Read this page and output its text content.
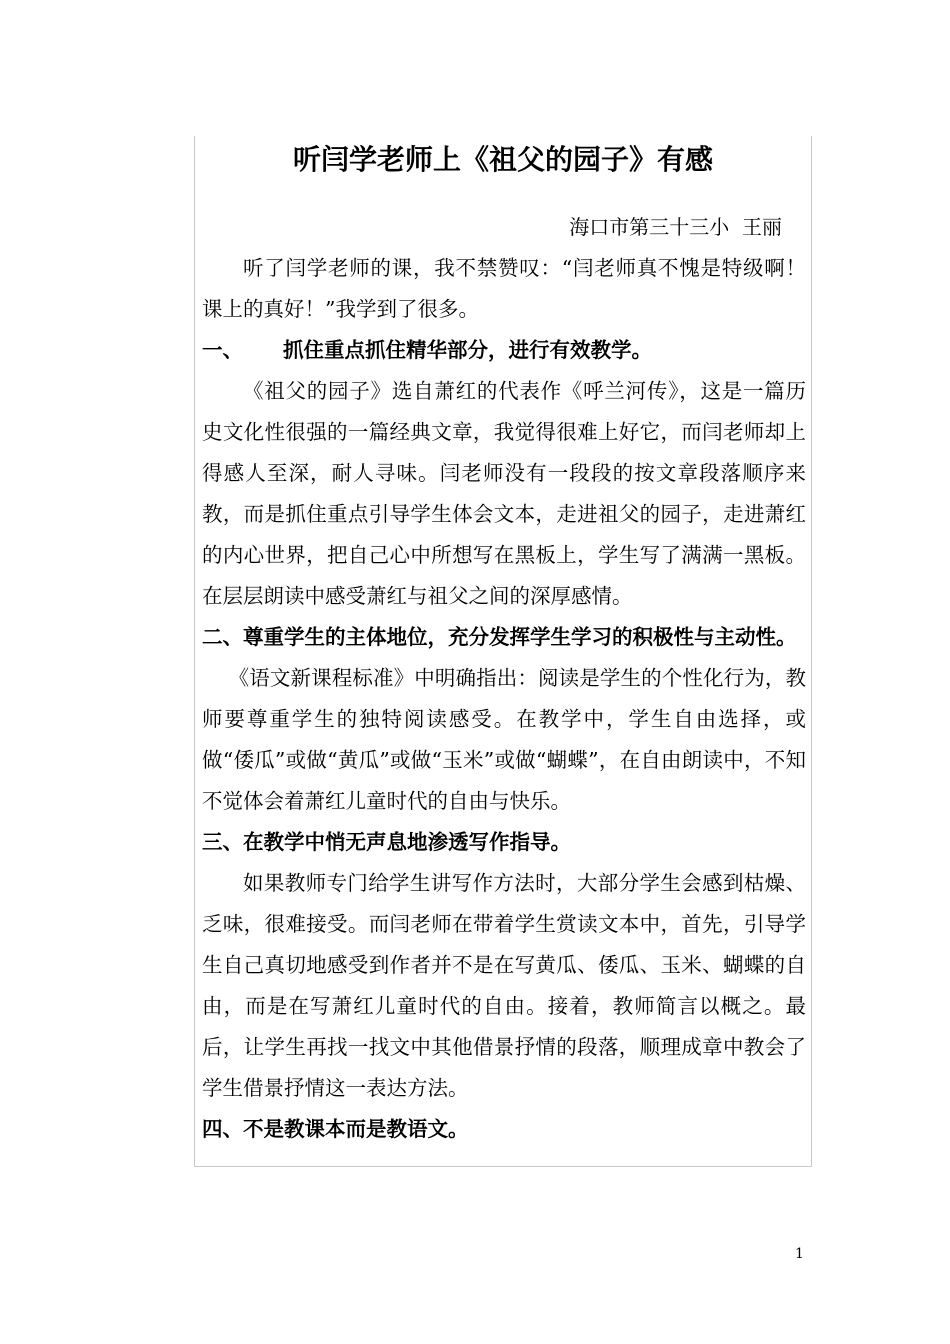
听闫学老师上《祖父的园子》有感
海口市第三十三小  王丽

听了闫学老师的课，我不禁赞叹：“闫老师真不愧是特级啊！课上的真好！”我学到了很多。

一、 抓住重点抓住精华部分，进行有效教学。

《祖父的园子》选自萧红的代表作《呼兰河传》，这是一篇历史文化性很强的一篇经典文章，我觉得很难上好它，而闫老师却上得感人至深，耐人寻味。闫老师没有一段段的按文章段落顺序来教，而是抓住重点引导学生体会文本，走进祖父的园子，走进萧红的内心世界，把自己心中所想写在黑板上，学生写了满满一黑板。在层层朗读中感受萧红与祖父之间的深厚感情。

二、尊重学生的主体地位，充分发挥学生学习的积极性与主动性。

《语文新课程标准》中明确指出：阅读是学生的个性化行为，教师要尊重学生的独特阅读感受。在教学中，学生自由选择，或做“倭瓜”或做“黄瓜”或做“玉米”或做“蝴蝶”，在自由朗读中，不知不觉体会着萧红儿童时代的自由与快乐。

三、在教学中悄无声息地渗透写作指导。

如果教师专门给学生讲写作方法时，大部分学生会感到枯燥、乏味，很难接受。而闫老师在带着学生赏读文本中，首先，引导学生自己真切地感受到作者并不是在写黄瓜、倭瓜、玉米、蝴蝶的自由，而是在写萧红儿童时代的自由。接着，教师简言以概之。最后，让学生再找一找文中其他借景抒情的段落，顺理成章中教会了学生借景抒情这一表达方法。

四、不是教课本而是教语文。

1
